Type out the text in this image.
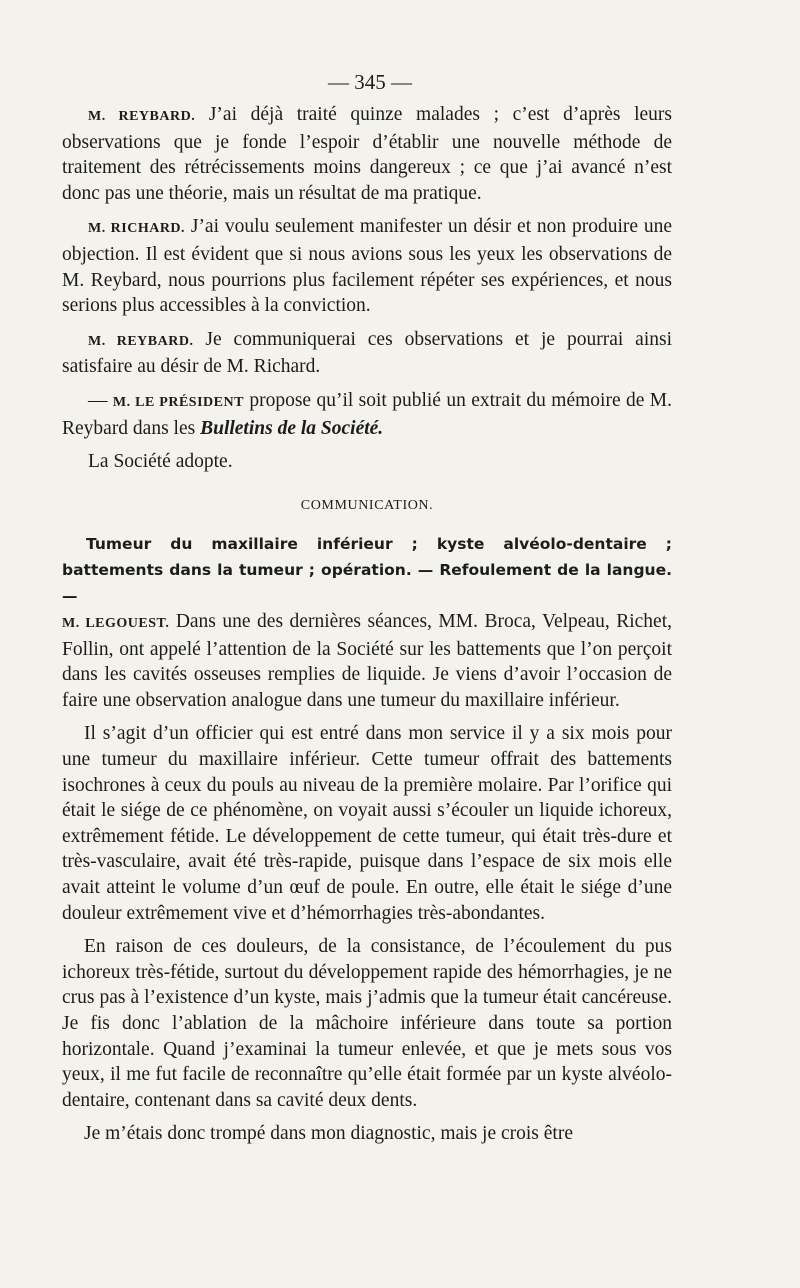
— 345 —

M. REYBARD. J’ai déjà traité quinze malades ; c’est d’après leurs observations que je fonde l’espoir d’établir une nouvelle méthode de traitement des rétrécissements moins dangereux ; ce que j’ai avancé n’est donc pas une théorie, mais un résultat de ma pratique.

M. RICHARD. J’ai voulu seulement manifester un désir et non produire une objection. Il est évident que si nous avions sous les yeux les observations de M. Reybard, nous pourrions plus facilement répéter ses expériences, et nous serions plus accessibles à la conviction.

M. REYBARD. Je communiquerai ces observations et je pourrai ainsi satisfaire au désir de M. Richard.

— M. LE PRÉSIDENT propose qu’il soit publié un extrait du mémoire de M. Reybard dans les Bulletins de la Société.

La Société adopte.

COMMUNICATION.

Tumeur du maxillaire inférieur ; kyste alvéolo-dentaire ; battements dans la tumeur ; opération. — Refoulement de la langue. —

M. LEGOUEST. Dans une des dernières séances, MM. Broca, Velpeau, Richet, Follin, ont appelé l’attention de la Société sur les battements que l’on perçoit dans les cavités osseuses remplies de liquide. Je viens d’avoir l’occasion de faire une observation analogue dans une tumeur du maxillaire inférieur.

Il s’agit d’un officier qui est entré dans mon service il y a six mois pour une tumeur du maxillaire inférieur. Cette tumeur offrait des battements isochrones à ceux du pouls au niveau de la première molaire. Par l’orifice qui était le siége de ce phénomène, on voyait aussi s’écouler un liquide ichoreux, extrêmement fétide. Le développement de cette tumeur, qui était très-dure et très-vasculaire, avait été très-rapide, puisque dans l’espace de six mois elle avait atteint le volume d’un œuf de poule. En outre, elle était le siége d’une douleur extrêmement vive et d’hémorrhagies très-abondantes.

En raison de ces douleurs, de la consistance, de l’écoulement du pus ichoreux très-fétide, surtout du développement rapide des hémorrhagies, je ne crus pas à l’existence d’un kyste, mais j’admis que la tumeur était cancéreuse. Je fis donc l’ablation de la mâchoire inférieure dans toute sa portion horizontale. Quand j’examinai la tumeur enlevée, et que je mets sous vos yeux, il me fut facile de reconnaître qu’elle était formée par un kyste alvéolo-dentaire, contenant dans sa cavité deux dents.

Je m’étais donc trompé dans mon diagnostic, mais je crois être
